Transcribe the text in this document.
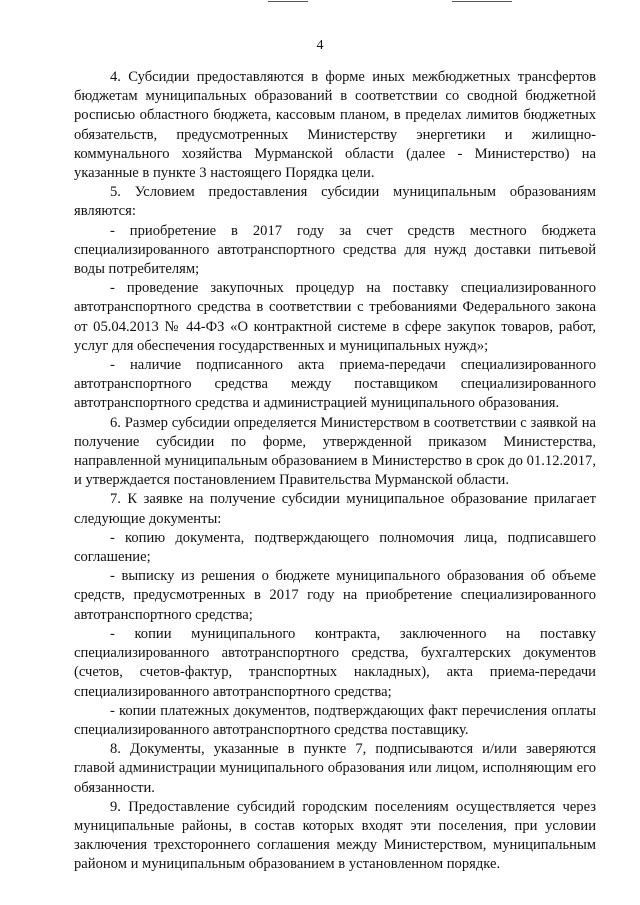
4

4. Субсидии предоставляются в форме иных межбюджетных трансфертов бюджетам муниципальных образований в соответствии со сводной бюджетной росписью областного бюджета, кассовым планом, в пределах лимитов бюджетных обязательств, предусмотренных Министерству энергетики и жилищно-коммунального хозяйства Мурманской области (далее - Министерство) на указанные в пункте 3 настоящего Порядка цели.

5. Условием предоставления субсидии муниципальным образованиям являются:

- приобретение в 2017 году за счет средств местного бюджета специализированного автотранспортного средства для нужд доставки питьевой воды потребителям;

- проведение закупочных процедур на поставку специализированного автотранспортного средства в соответствии с требованиями Федерального закона от 05.04.2013 № 44-ФЗ «О контрактной системе в сфере закупок товаров, работ, услуг для обеспечения государственных и муниципальных нужд»;

- наличие подписанного акта приема-передачи специализированного автотранспортного средства между поставщиком специализированного автотранспортного средства и администрацией муниципального образования.

6. Размер субсидии определяется Министерством в соответствии с заявкой на получение субсидии по форме, утвержденной приказом Министерства, направленной муниципальным образованием в Министерство в срок до 01.12.2017, и утверждается постановлением Правительства Мурманской области.

7. К заявке на получение субсидии муниципальное образование прилагает следующие документы:

- копию документа, подтверждающего полномочия лица, подписавшего соглашение;

- выписку из решения о бюджете муниципального образования об объеме средств, предусмотренных в 2017 году на приобретение специализированного автотранспортного средства;

- копии муниципального контракта, заключенного на поставку специализированного автотранспортного средства, бухгалтерских документов (счетов, счетов-фактур, транспортных накладных), акта приема-передачи специализированного автотранспортного средства;

- копии платежных документов, подтверждающих факт перечисления оплаты специализированного автотранспортного средства поставщику.

8. Документы, указанные в пункте 7, подписываются и/или заверяются главой администрации муниципального образования или лицом, исполняющим его обязанности.

9. Предоставление субсидий городским поселениям осуществляется через муниципальные районы, в состав которых входят эти поселения, при условии заключения трехстороннего соглашения между Министерством, муниципальным районом и муниципальным образованием в установленном порядке.
